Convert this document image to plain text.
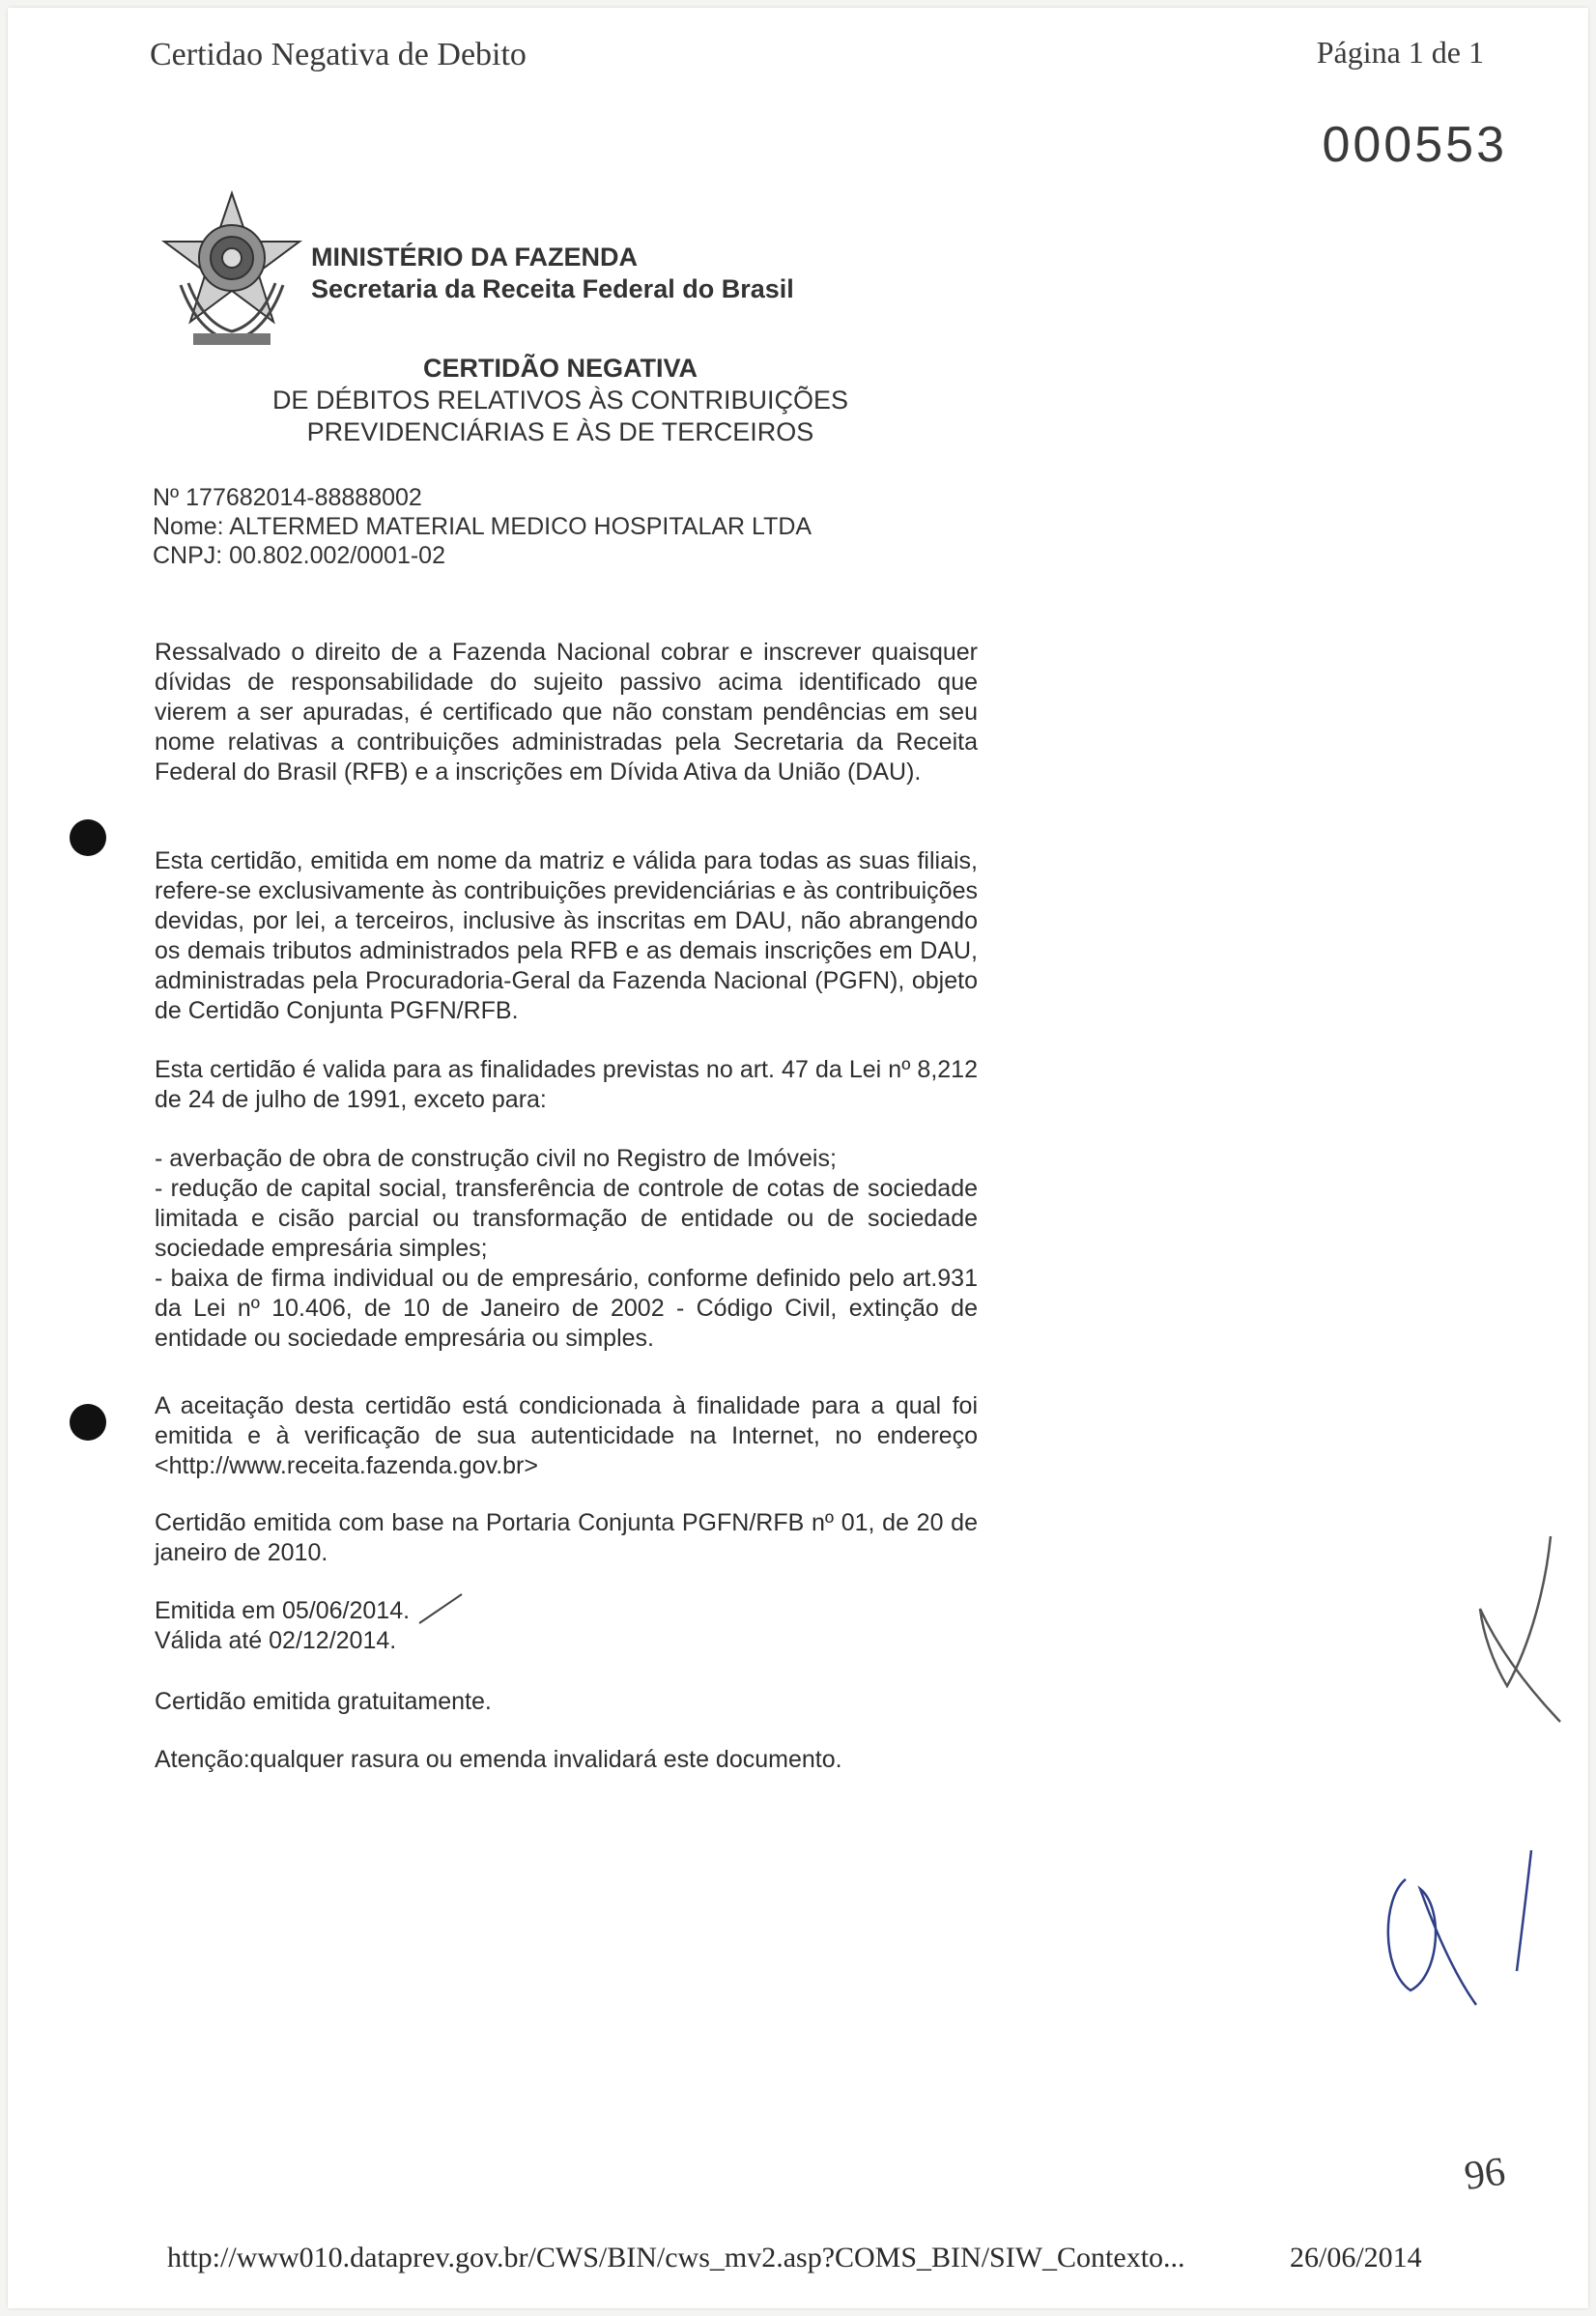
Certidao Negativa de Debito	Página 1 de 1
000553
MINISTÉRIO DA FAZENDA
Secretaria da Receita Federal do Brasil
CERTIDÃO NEGATIVA
DE DÉBITOS RELATIVOS ÀS CONTRIBUIÇÕES
PREVIDENCIÁRIAS E ÀS DE TERCEIROS
Nº 177682014-88888002
Nome: ALTERMED MATERIAL MEDICO HOSPITALAR LTDA
CNPJ: 00.802.002/0001-02

Ressalvado o direito de a Fazenda Nacional cobrar e inscrever quaisquer dívidas de responsabilidade do sujeito passivo acima identificado que vierem a ser apuradas, é certificado que não constam pendências em seu nome relativas a contribuições administradas pela Secretaria da Receita Federal do Brasil (RFB) e a inscrições em Dívida Ativa da União (DAU).

Esta certidão, emitida em nome da matriz e válida para todas as suas filiais, refere-se exclusivamente às contribuições previdenciárias e às contribuições devidas, por lei, a terceiros, inclusive às inscritas em DAU, não abrangendo os demais tributos administrados pela RFB e as demais inscrições em DAU, administradas pela Procuradoria-Geral da Fazenda Nacional (PGFN), objeto de Certidão Conjunta PGFN/RFB.

Esta certidão é valida para as finalidades previstas no art. 47 da Lei nº 8,212 de 24 de julho de 1991, exceto para:

- averbação de obra de construção civil no Registro de Imóveis;

- redução de capital social, transferência de controle de cotas de sociedade limitada e cisão parcial ou transformação de entidade ou de sociedade sociedade empresária simples;

- baixa de firma individual ou de empresário, conforme definido pelo art.931 da Lei nº 10.406, de 10 de Janeiro de 2002 - Código Civil, extinção de entidade ou sociedade empresária ou simples.

A aceitação desta certidão está condicionada à finalidade para a qual foi emitida e à verificação de sua autenticidade na Internet, no endereço <http://www.receita.fazenda.gov.br>

Certidão emitida com base na Portaria Conjunta PGFN/RFB nº 01, de 20 de janeiro de 2010.

Emitida em 05/06/2014.
Válida até 02/12/2014.
Certidão emitida gratuitamente.
Atenção:qualquer rasura ou emenda invalidará este documento.
96
http://www010.dataprev.gov.br/CWS/BIN/cws_mv2.asp?COMS_BIN/SIW_Contexto...	26/06/2014
